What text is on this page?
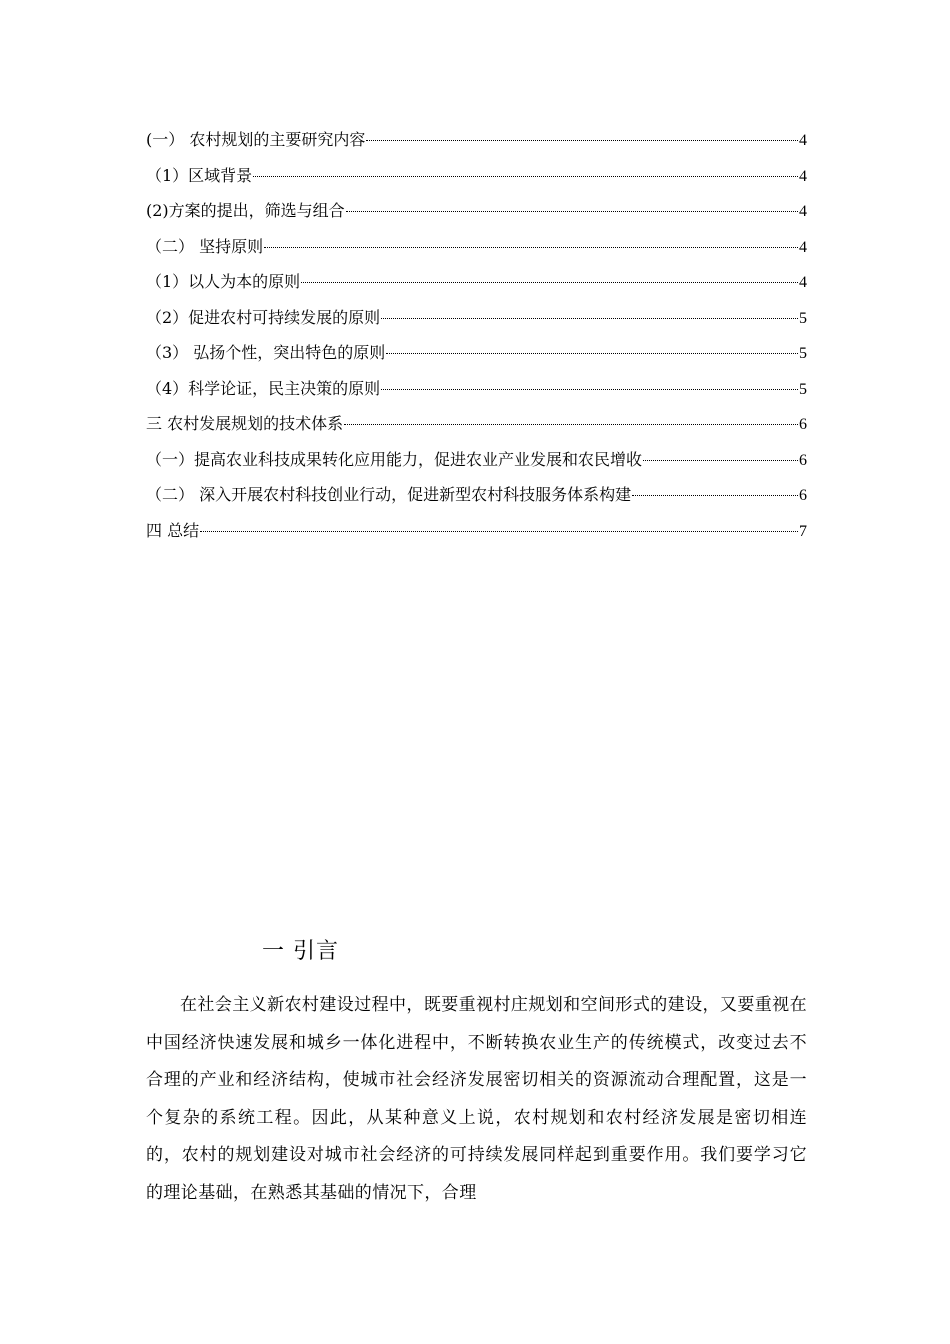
(一） 农村规划的主要研究内容	4
（1）区域背景	4
(2)方案的提出，筛选与组合	4
（二） 坚持原则	4
（1）以人为本的原则	4
（2）促进农村可持续发展的原则	5
（3） 弘扬个性，突出特色的原则	5
（4）科学论证，民主决策的原则	5
三 农村发展规划的技术体系	6
（一）提高农业科技成果转化应用能力，促进农业产业发展和农民增收	6
（二） 深入开展农村科技创业行动，促进新型农村科技服务体系构建	6
四 总结	7
一 引言

在社会主义新农村建设过程中，既要重视村庄规划和空间形式的建设，又要重视在中国经济快速发展和城乡一体化进程中，不断转换农业生产的传统模式，改变过去不合理的产业和经济结构，使城市社会经济发展密切相关的资源流动合理配置，这是一个复杂的系统工程。因此，从某种意义上说，农村规划和农村经济发展是密切相连的，农村的规划建设对城市社会经济的可持续发展同样起到重要作用。我们要学习它的理论基础，在熟悉其基础的情况下，合理
